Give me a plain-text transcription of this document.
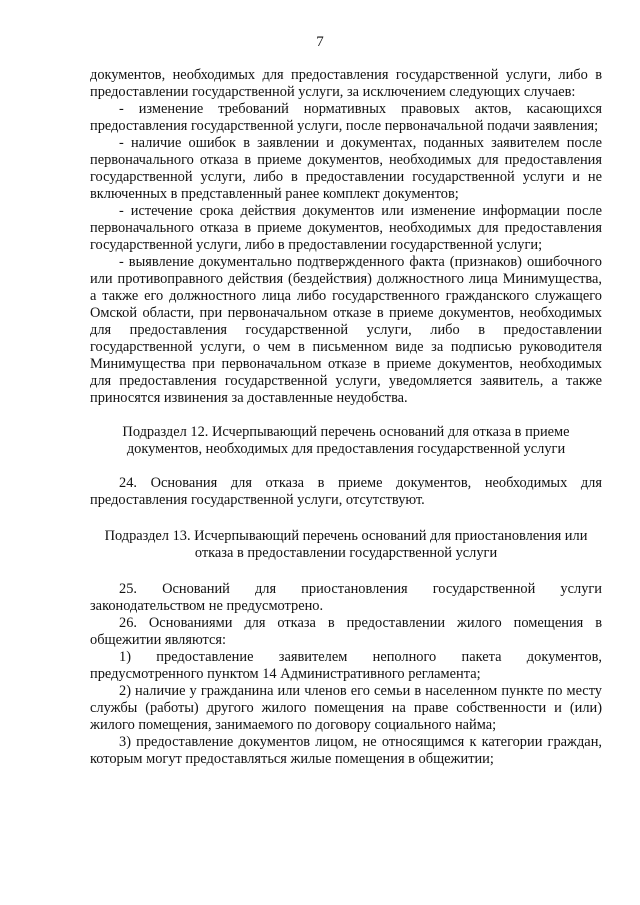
7

документов, необходимых для предоставления государственной услуги, либо в предоставлении государственной услуги, за исключением следующих случаев:

- изменение требований нормативных правовых актов, касающихся предоставления государственной услуги, после первоначальной подачи заявления;

- наличие ошибок в заявлении и документах, поданных заявителем после первоначального отказа в приеме документов, необходимых для предоставления государственной услуги, либо в предоставлении государственной услуги и не включенных в представленный ранее комплект документов;

- истечение срока действия документов или изменение информации после первоначального отказа в приеме документов, необходимых для предоставления государственной услуги, либо в предоставлении государственной услуги;

- выявление документально подтвержденного факта (признаков) ошибочного или противоправного действия (бездействия) должностного лица Минимущества, а также его должностного лица либо государственного гражданского служащего Омской области, при первоначальном отказе в приеме документов, необходимых для предоставления государственной услуги, либо в предоставлении государственной услуги, о чем в письменном виде за подписью руководителя Минимущества при первоначальном отказе в приеме документов, необходимых для предоставления государственной услуги, уведомляется заявитель, а также приносятся извинения за доставленные неудобства.

Подраздел 12. Исчерпывающий перечень оснований для отказа в приеме документов, необходимых для предоставления государственной услуги

24. Основания для отказа в приеме документов, необходимых для предоставления государственной услуги, отсутствуют.

Подраздел 13. Исчерпывающий перечень оснований для приостановления или отказа в предоставлении государственной услуги

25. Оснований для приостановления государственной услуги законодательством не предусмотрено.

26. Основаниями для отказа в предоставлении жилого помещения в общежитии являются:

1) предоставление заявителем неполного пакета документов, предусмотренного пунктом 14 Административного регламента;

2) наличие у гражданина или членов его семьи в населенном пункте по месту службы (работы) другого жилого помещения на праве собственности и (или) жилого помещения, занимаемого по договору социального найма;

3) предоставление документов лицом, не относящимся к категории граждан, которым могут предоставляться жилые помещения в общежитии;
